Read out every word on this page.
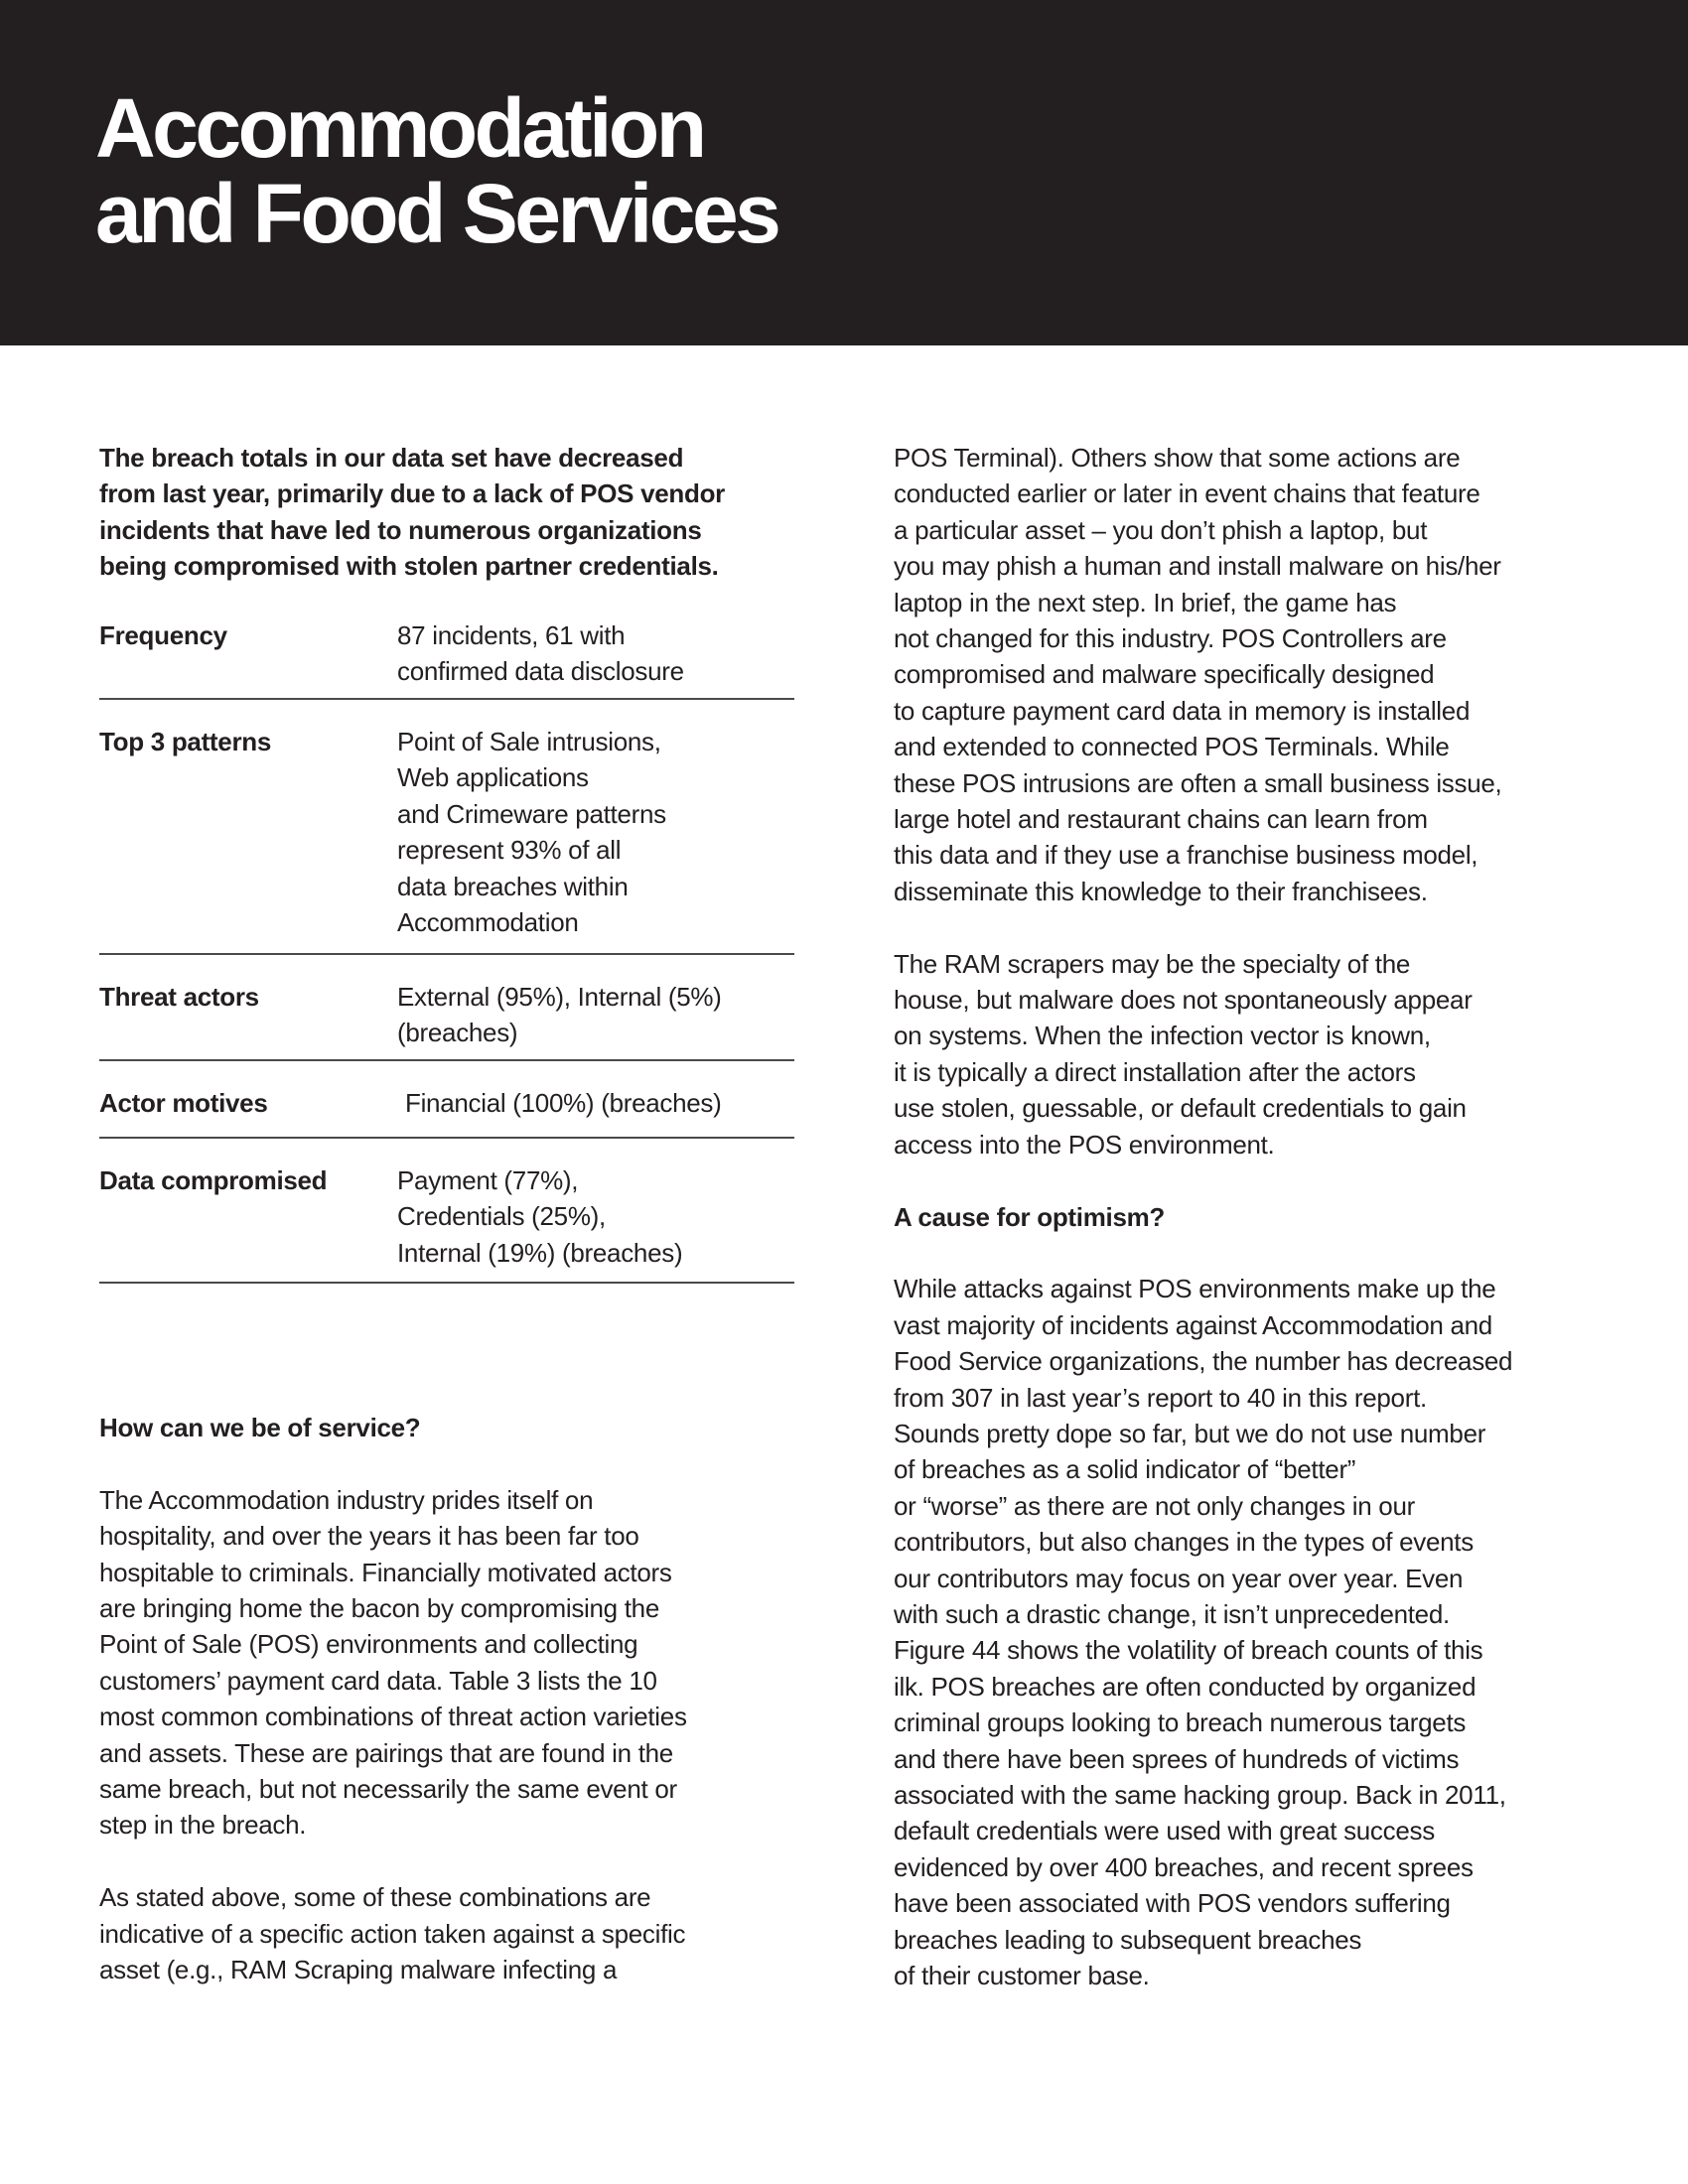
Accommodation
and Food Services
The breach totals in our data set have decreased
from last year, primarily due to a lack of POS vendor
incidents that have led to numerous organizations
being compromised with stolen partner credentials.
Frequency	87 incidents, 61 with
confirmed data disclosure
Top 3 patterns	Point of Sale intrusions,
Web applications
and Crimeware patterns
represent 93% of all
data breaches within
Accommodation
Threat actors	External (95%), Internal (5%)
(breaches)
Actor motives	Financial (100%) (breaches)
Data compromised	Payment (77%),
Credentials (25%),
Internal (19%) (breaches)
How can we be of service?

The Accommodation industry prides itself on
hospitality, and over the years it has been far too
hospitable to criminals. Financially motivated actors
are bringing home the bacon by compromising the
Point of Sale (POS) environments and collecting
customers’ payment card data. Table 3 lists the 10
most common combinations of threat action varieties
and assets. These are pairings that are found in the
same breach, but not necessarily the same event or
step in the breach.

As stated above, some of these combinations are
indicative of a specific action taken against a specific
asset (e.g., RAM Scraping malware infecting a

POS Terminal). Others show that some actions are
conducted earlier or later in event chains that feature
a particular asset – you don’t phish a laptop, but
you may phish a human and install malware on his/her
laptop in the next step. In brief, the game has
not changed for this industry. POS Controllers are
compromised and malware specifically designed
to capture payment card data in memory is installed
and extended to connected POS Terminals. While
these POS intrusions are often a small business issue,
large hotel and restaurant chains can learn from
this data and if they use a franchise business model,
disseminate this knowledge to their franchisees.

The RAM scrapers may be the specialty of the
house, but malware does not spontaneously appear
on systems. When the infection vector is known,
it is typically a direct installation after the actors
use stolen, guessable, or default credentials to gain
access into the POS environment.

A cause for optimism?

While attacks against POS environments make up the
vast majority of incidents against Accommodation and
Food Service organizations, the number has decreased
from 307 in last year’s report to 40 in this report.
Sounds pretty dope so far, but we do not use number
of breaches as a solid indicator of “better”
or “worse” as there are not only changes in our
contributors, but also changes in the types of events
our contributors may focus on year over year. Even
with such a drastic change, it isn’t unprecedented.
Figure 44 shows the volatility of breach counts of this
ilk. POS breaches are often conducted by organized
criminal groups looking to breach numerous targets
and there have been sprees of hundreds of victims
associated with the same hacking group. Back in 2011,
default credentials were used with great success
evidenced by over 400 breaches, and recent sprees
have been associated with POS vendors suffering
breaches leading to subsequent breaches
of their customer base.
